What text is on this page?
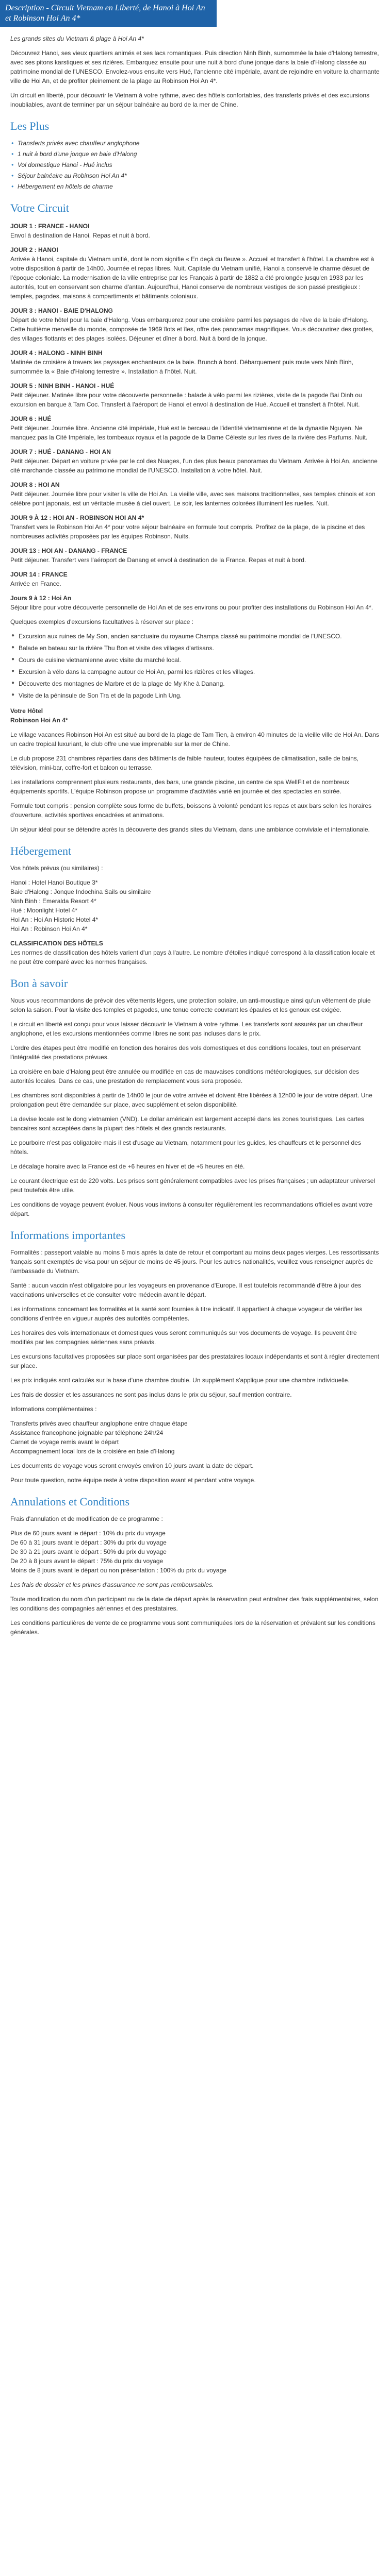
Description - Circuit Vietnam en Liberté, de Hanoi à Hoi An et Robinson Hoi An 4*

Les grands sites du Vietnam & plage à Hoi An 4*

Découvrez Hanoi, ses vieux quartiers animés et ses lacs romantiques. Puis direction Ninh Binh, surnommée la baie d'Halong terrestre, avec ses pitons karstiques et ses rizières. Embarquez ensuite pour une nuit à bord d'une jonque dans la baie d'Halong classée au patrimoine mondial de l'UNESCO. Envolez-vous ensuite vers Hué, l'ancienne cité impériale, avant de rejoindre en voiture la charmante ville de Hoi An, et de profiter pleinement de la plage au Robinson Hoi An 4*.

Un circuit en liberté, pour découvrir le Vietnam à votre rythme, avec des hôtels confortables, des transferts privés et des excursions inoubliables, avant de terminer par un séjour balnéaire au bord de la mer de Chine.

Les Plus
• Transferts privés avec chauffeur anglophone
• 1 nuit à bord d'une jonque en baie d'Halong
• Vol domestique Hanoi - Hué inclus
• Séjour balnéaire au Robinson Hoi An 4*
• Hébergement en hôtels de charme
Votre Circuit
JOUR 1 : FRANCE - HANOI

Envol à destination de Hanoi. Repas et nuit à bord.

JOUR 2 : HANOI

Arrivée à Hanoi, capitale du Vietnam unifié, dont le nom signifie « En deçà du fleuve ». Accueil et transfert à l'hôtel. La chambre est à votre disposition à partir de 14h00. Journée et repas libres. Nuit. Capitale du Vietnam unifié, Hanoi a conservé le charme désuet de l'époque coloniale. La modernisation de la ville entreprise par les Français à partir de 1882 a été prolongée jusqu'en 1933 par les autorités, tout en conservant son charme d'antan. Aujourd'hui, Hanoi conserve de nombreux vestiges de son passé prestigieux : temples, pagodes, maisons à compartiments et bâtiments coloniaux.

JOUR 3 : HANOI - BAIE D'HALONG

Départ de votre hôtel pour la baie d'Halong. Vous embarquerez pour une croisière parmi les paysages de rêve de la baie d'Halong. Cette huitième merveille du monde, composée de 1969 îlots et îles, offre des panoramas magnifiques. Vous découvrirez des grottes, des villages flottants et des plages isolées. Déjeuner et dîner à bord. Nuit à bord de la jonque.

JOUR 4 : HALONG - NINH BINH

Matinée de croisière à travers les paysages enchanteurs de la baie. Brunch à bord. Débarquement puis route vers Ninh Binh, surnommée la « Baie d'Halong terrestre ». Installation à l'hôtel. Nuit.

JOUR 5 : NINH BINH - HANOI - HUÉ

Petit déjeuner. Matinée libre pour votre découverte personnelle : balade à vélo parmi les rizières, visite de la pagode Bai Dinh ou excursion en barque à Tam Coc. Transfert à l'aéroport de Hanoi et envol à destination de Hué. Accueil et transfert à l'hôtel. Nuit.

JOUR 6 : HUÉ

Petit déjeuner. Journée libre. Ancienne cité impériale, Hué est le berceau de l'identité vietnamienne et de la dynastie Nguyen. Ne manquez pas la Cité Impériale, les tombeaux royaux et la pagode de la Dame Céleste sur les rives de la rivière des Parfums. Nuit.

JOUR 7 : HUÉ - DANANG - HOI AN

Petit déjeuner. Départ en voiture privée par le col des Nuages, l'un des plus beaux panoramas du Vietnam. Arrivée à Hoi An, ancienne cité marchande classée au patrimoine mondial de l'UNESCO. Installation à votre hôtel. Nuit.

JOUR 8 : HOI AN

Petit déjeuner. Journée libre pour visiter la ville de Hoi An. La vieille ville, avec ses maisons traditionnelles, ses temples chinois et son célèbre pont japonais, est un véritable musée à ciel ouvert. Le soir, les lanternes colorées illuminent les ruelles. Nuit.

JOUR 9 À 12 : HOI AN - ROBINSON HOI AN 4*

Transfert vers le Robinson Hoi An 4* pour votre séjour balnéaire en formule tout compris. Profitez de la plage, de la piscine et des nombreuses activités proposées par les équipes Robinson. Nuits.

JOUR 13 : HOI AN - DANANG - FRANCE

Petit déjeuner. Transfert vers l'aéroport de Danang et envol à destination de la France. Repas et nuit à bord.

JOUR 14 : FRANCE

Arrivée en France.

Jours 9 à 12 : Hoi An

Séjour libre pour votre découverte personnelle de Hoi An et de ses environs ou pour profiter des installations du Robinson Hoi An 4*.

Quelques exemples d'excursions facultatives à réserver sur place :

● Excursion aux ruines de My Son, ancien sanctuaire du royaume Champa classé au patrimoine mondial de l'UNESCO.
● Balade en bateau sur la rivière Thu Bon et visite des villages d'artisans.
● Cours de cuisine vietnamienne avec visite du marché local.
● Excursion à vélo dans la campagne autour de Hoi An, parmi les rizières et les villages.
● Découverte des montagnes de Marbre et de la plage de My Khe à Danang.
● Visite de la péninsule de Son Tra et de la pagode Linh Ung.
Votre Hôtel

Robinson Hoi An 4*

Le village vacances Robinson Hoi An est situé au bord de la plage de Tam Tien, à environ 40 minutes de la vieille ville de Hoi An. Dans un cadre tropical luxuriant, le club offre une vue imprenable sur la mer de Chine.

Le club propose 231 chambres réparties dans des bâtiments de faible hauteur, toutes équipées de climatisation, salle de bains, télévision, mini-bar, coffre-fort et balcon ou terrasse.

Les installations comprennent plusieurs restaurants, des bars, une grande piscine, un centre de spa WellFit et de nombreux équipements sportifs. L'équipe Robinson propose un programme d'activités varié en journée et des spectacles en soirée.

Formule tout compris : pension complète sous forme de buffets, boissons à volonté pendant les repas et aux bars selon les horaires d'ouverture, activités sportives encadrées et animations.

Un séjour idéal pour se détendre après la découverte des grands sites du Vietnam, dans une ambiance conviviale et internationale.

Hébergement

Vos hôtels prévus (ou similaires) :

Hanoi : Hotel Hanoi Boutique 3*
Baie d'Halong : Jonque Indochina Sails ou similaire
Ninh Binh : Emeralda Resort 4*
Hué : Moonlight Hotel 4*
Hoi An : Hoi An Historic Hotel 4*
Hoi An : Robinson Hoi An 4*
CLASSIFICATION DES HÔTELS

Les normes de classification des hôtels varient d'un pays à l'autre. Le nombre d'étoiles indiqué correspond à la classification locale et ne peut être comparé avec les normes françaises.

Bon à savoir

Nous vous recommandons de prévoir des vêtements légers, une protection solaire, un anti-moustique ainsi qu'un vêtement de pluie selon la saison. Pour la visite des temples et pagodes, une tenue correcte couvrant les épaules et les genoux est exigée.

Le circuit en liberté est conçu pour vous laisser découvrir le Vietnam à votre rythme. Les transferts sont assurés par un chauffeur anglophone, et les excursions mentionnées comme libres ne sont pas incluses dans le prix.

L'ordre des étapes peut être modifié en fonction des horaires des vols domestiques et des conditions locales, tout en préservant l'intégralité des prestations prévues.

La croisière en baie d'Halong peut être annulée ou modifiée en cas de mauvaises conditions météorologiques, sur décision des autorités locales. Dans ce cas, une prestation de remplacement vous sera proposée.

Les chambres sont disponibles à partir de 14h00 le jour de votre arrivée et doivent être libérées à 12h00 le jour de votre départ. Une prolongation peut être demandée sur place, avec supplément et selon disponibilité.

La devise locale est le dong vietnamien (VND). Le dollar américain est largement accepté dans les zones touristiques. Les cartes bancaires sont acceptées dans la plupart des hôtels et des grands restaurants.

Le pourboire n'est pas obligatoire mais il est d'usage au Vietnam, notamment pour les guides, les chauffeurs et le personnel des hôtels.

Le décalage horaire avec la France est de +6 heures en hiver et de +5 heures en été.

Le courant électrique est de 220 volts. Les prises sont généralement compatibles avec les prises françaises ; un adaptateur universel peut toutefois être utile.

Les conditions de voyage peuvent évoluer. Nous vous invitons à consulter régulièrement les recommandations officielles avant votre départ.

Informations importantes

Formalités : passeport valable au moins 6 mois après la date de retour et comportant au moins deux pages vierges. Les ressortissants français sont exemptés de visa pour un séjour de moins de 45 jours. Pour les autres nationalités, veuillez vous renseigner auprès de l'ambassade du Vietnam.

Santé : aucun vaccin n'est obligatoire pour les voyageurs en provenance d'Europe. Il est toutefois recommandé d'être à jour des vaccinations universelles et de consulter votre médecin avant le départ.

Les informations concernant les formalités et la santé sont fournies à titre indicatif. Il appartient à chaque voyageur de vérifier les conditions d'entrée en vigueur auprès des autorités compétentes.

Les horaires des vols internationaux et domestiques vous seront communiqués sur vos documents de voyage. Ils peuvent être modifiés par les compagnies aériennes sans préavis.

Les excursions facultatives proposées sur place sont organisées par des prestataires locaux indépendants et sont à régler directement sur place.

Les prix indiqués sont calculés sur la base d'une chambre double. Un supplément s'applique pour une chambre individuelle.

Les frais de dossier et les assurances ne sont pas inclus dans le prix du séjour, sauf mention contraire.

Informations complémentaires :

Transferts privés avec chauffeur anglophone entre chaque étape
Assistance francophone joignable par téléphone 24h/24
Carnet de voyage remis avant le départ
Accompagnement local lors de la croisière en baie d'Halong

Les documents de voyage vous seront envoyés environ 10 jours avant la date de départ.

Pour toute question, notre équipe reste à votre disposition avant et pendant votre voyage.

Annulations et Conditions

Frais d'annulation et de modification de ce programme :

Plus de 60 jours avant le départ : 10% du prix du voyage
De 60 à 31 jours avant le départ : 30% du prix du voyage
De 30 à 21 jours avant le départ : 50% du prix du voyage
De 20 à 8 jours avant le départ : 75% du prix du voyage
Moins de 8 jours avant le départ ou non présentation : 100% du prix du voyage

Les frais de dossier et les primes d'assurance ne sont pas remboursables.

Toute modification du nom d'un participant ou de la date de départ après la réservation peut entraîner des frais supplémentaires, selon les conditions des compagnies aériennes et des prestataires.

Les conditions particulières de vente de ce programme vous sont communiquées lors de la réservation et prévalent sur les conditions générales.
